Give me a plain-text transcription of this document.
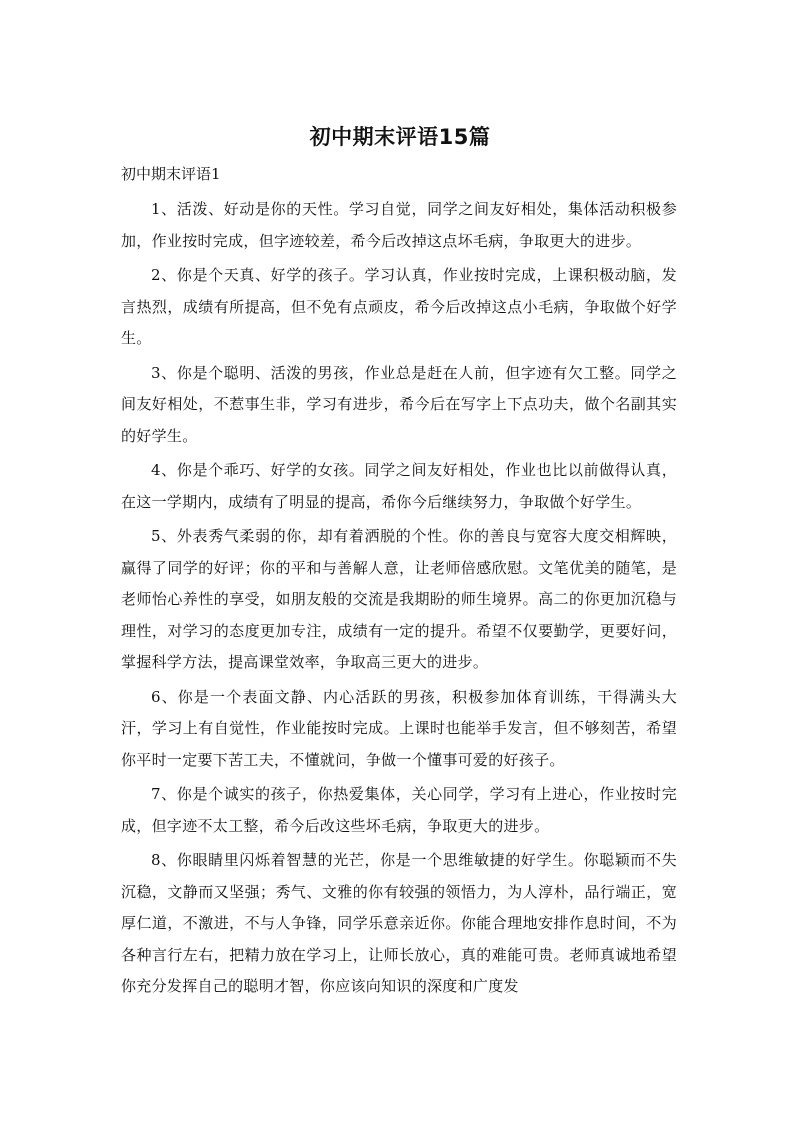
初中期末评语15篇
初中期末评语1

1、活泼、好动是你的天性。学习自觉，同学之间友好相处，集体活动积极参加，作业按时完成，但字迹较差，希今后改掉这点坏毛病，争取更大的进步。

2、你是个天真、好学的孩子。学习认真，作业按时完成，上课积极动脑，发言热烈，成绩有所提高，但不免有点顽皮，希今后改掉这点小毛病，争取做个好学生。

3、你是个聪明、活泼的男孩，作业总是赶在人前，但字迹有欠工整。同学之间友好相处，不惹事生非，学习有进步，希今后在写字上下点功夫，做个名副其实的好学生。

4、你是个乖巧、好学的女孩。同学之间友好相处，作业也比以前做得认真，在这一学期内，成绩有了明显的提高，希你今后继续努力，争取做个好学生。

5、外表秀气柔弱的你，却有着洒脱的个性。你的善良与宽容大度交相辉映，赢得了同学的好评；你的平和与善解人意，让老师倍感欣慰。文笔优美的随笔，是老师怡心养性的享受，如朋友般的交流是我期盼的师生境界。高二的你更加沉稳与理性，对学习的态度更加专注，成绩有一定的提升。希望不仅要勤学，更要好问，掌握科学方法，提高课堂效率，争取高三更大的进步。

6、你是一个表面文静、内心活跃的男孩，积极参加体育训练，干得满头大汗，学习上有自觉性，作业能按时完成。上课时也能举手发言，但不够刻苦，希望你平时一定要下苦工夫，不懂就问，争做一个懂事可爱的好孩子。

7、你是个诚实的孩子，你热爱集体，关心同学，学习有上进心，作业按时完成，但字迹不太工整，希今后改这些坏毛病，争取更大的进步。

8、你眼睛里闪烁着智慧的光芒，你是一个思维敏捷的好学生。你聪颖而不失沉稳，文静而又坚强；秀气、文雅的你有较强的领悟力，为人淳朴，品行端正，宽厚仁道，不激进，不与人争锋，同学乐意亲近你。你能合理地安排作息时间，不为各种言行左右，把精力放在学习上，让师长放心，真的难能可贵。老师真诚地希望你充分发挥自己的聪明才智，你应该向知识的深度和广度发
